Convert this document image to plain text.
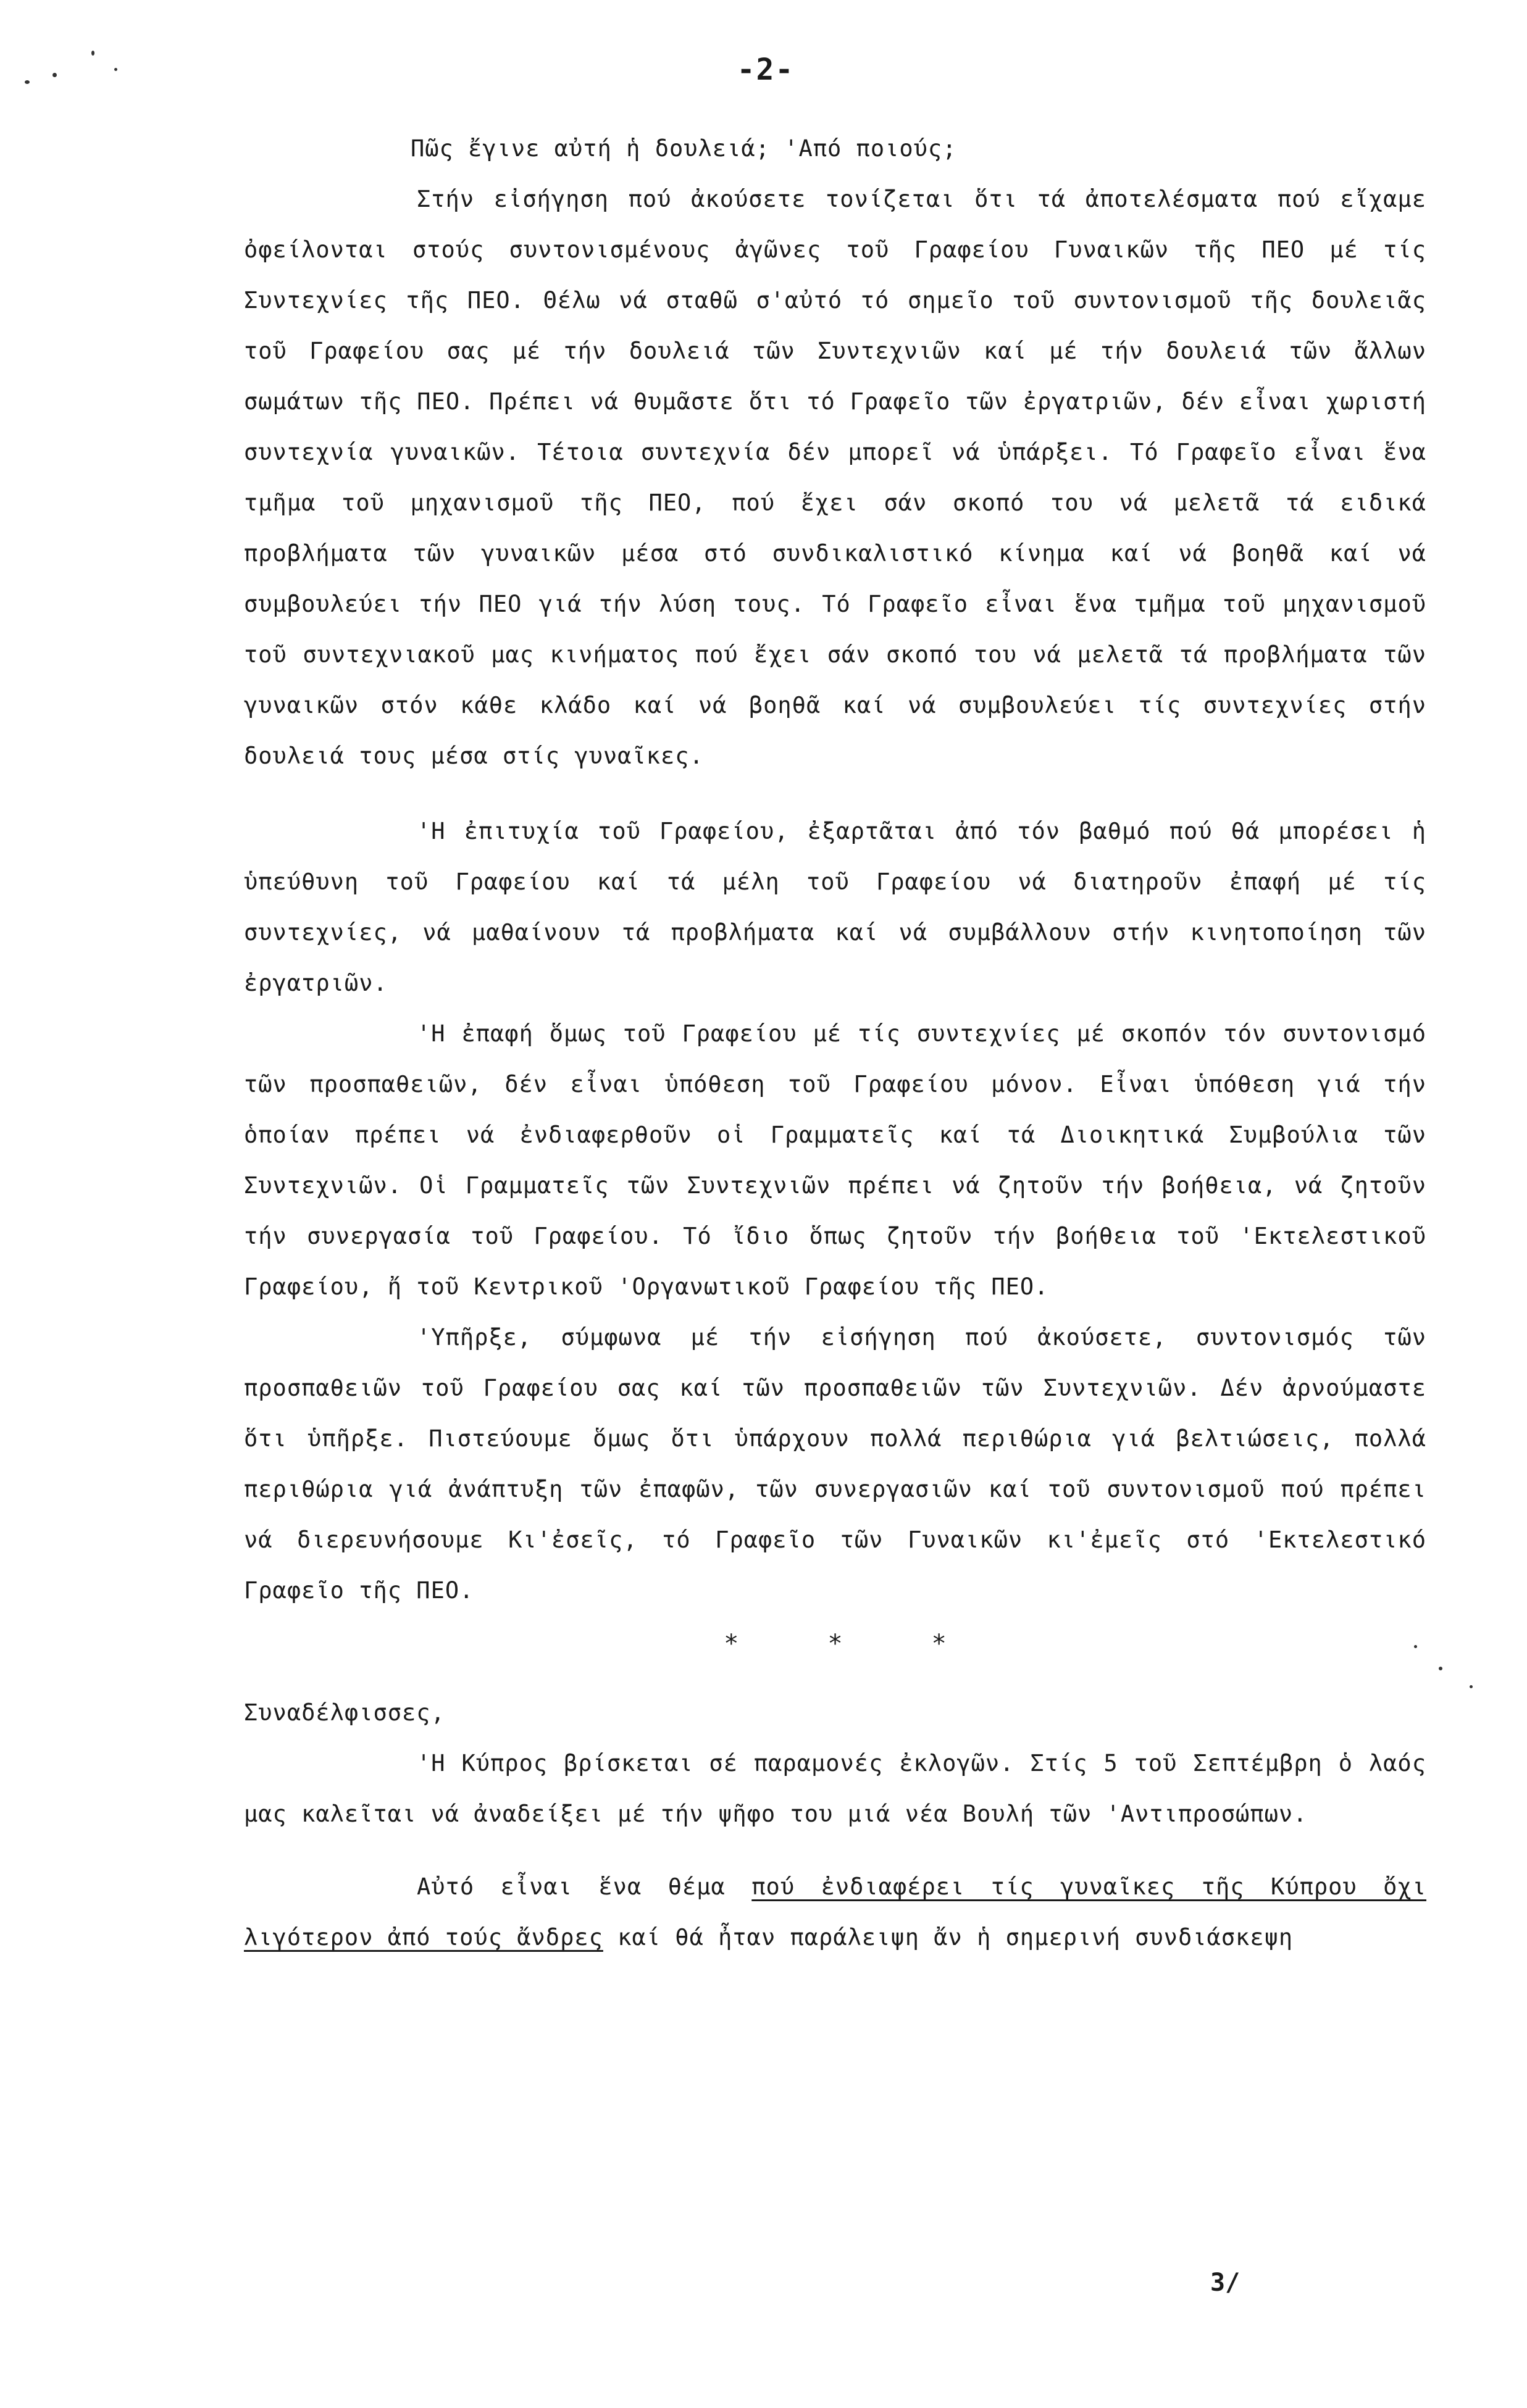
-2-

Πῶς ἔγινε αὐτή ἡ δουλειά; 'Από ποιούς;

Στήν εἰσήγηση πού ἀκούσετε τονίζεται ὅτι τά ἀποτελέσματα πού εἴχαμε ὀφείλονται στούς συντονισμένους ἀγῶνες τοῦ Γραφείου Γυναικῶν τῆς ΠΕΟ μέ τίς Συντεχνίες τῆς ΠΕΟ. Θέλω νά σταθῶ σ'αὐτό τό σημεῖο τοῦ συντονισμοῦ τῆς δουλειᾶς τοῦ Γραφείου σας μέ τήν δουλειά τῶν Συντεχνιῶν καί μέ τήν δουλειά τῶν ἄλλων σωμάτων τῆς ΠΕΟ. Πρέπει νά θυμᾶστε ὅτι τό Γραφεῖο τῶν ἐργατριῶν, δέν εἶναι χωριστή συντεχνία γυναικῶν. Τέτοια συντεχνία δέν μπορεῖ νά ὑπάρξει. Τό Γραφεῖο εἶναι ἕνα τμῆμα τοῦ μηχανισμοῦ τῆς ΠΕΟ, πού ἔχει σάν σκοπό του νά μελετᾶ τά ειδικά προβλήματα τῶν γυναικῶν μέσα στό συνδικαλιστικό κίνημα καί νά βοηθᾶ καί νά συμβουλεύει τήν ΠΕΟ γιά τήν λύση τους. Τό Γραφεῖο εἶναι ἕνα τμῆμα τοῦ μηχανισμοῦ τοῦ συντεχνιακοῦ μας κινήματος πού ἔχει σάν σκοπό του νά μελετᾶ τά προβλήματα τῶν γυναικῶν στόν κάθε κλάδο καί νά βοηθᾶ καί νά συμβουλεύει τίς συντεχνίες στήν δουλειά τους μέσα στίς γυναῖκες.

'Η ἐπιτυχία τοῦ Γραφείου, ἐξαρτᾶται ἀπό τόν βαθμό πού θά μπορέσει ἡ ὑπεύθυνη τοῦ Γραφείου καί τά μέλη τοῦ Γραφείου νά διατηροῦν ἐπαφή μέ τίς συντεχνίες, νά μαθαίνουν τά προβλήματα καί νά συμβάλλουν στήν κινητοποίηση τῶν ἐργατριῶν.

'Η ἐπαφή ὅμως τοῦ Γραφείου μέ τίς συντεχνίες μέ σκοπόν τόν συντονισμό τῶν προσπαθειῶν, δέν εἶναι ὑπόθεση τοῦ Γραφείου μόνον. Εἶναι ὑπόθεση γιά τήν ὁποίαν πρέπει νά ἐνδιαφερθοῦν οἱ Γραμματεῖς καί τά Διοικητικά Συμβούλια τῶν Συντεχνιῶν. Οἱ Γραμματεῖς τῶν Συντεχνιῶν πρέπει νά ζητοῦν τήν βοήθεια, νά ζητοῦν τήν συνεργασία τοῦ Γραφείου. Τό ἴδιο ὅπως ζητοῦν τήν βοήθεια τοῦ 'Εκτελεστικοῦ Γραφείου, ἤ τοῦ Κεντρικοῦ 'Οργανωτικοῦ Γραφείου τῆς ΠΕΟ.

'Υπῆρξε, σύμφωνα μέ τήν εἰσήγηση πού ἀκούσετε, συντονισμός τῶν προσπαθειῶν τοῦ Γραφείου σας καί τῶν προσπαθειῶν τῶν Συντεχνιῶν. Δέν ἀρνούμαστε ὅτι ὑπῆρξε. Πιστεύουμε ὅμως ὅτι ὑπάρχουν πολλά περιθώρια γιά βελτιώσεις, πολλά περιθώρια γιά ἀνάπτυξη τῶν ἐπαφῶν, τῶν συνεργασιῶν καί τοῦ συντονισμοῦ πού πρέπει νά διερευνήσουμε Κι'ἐσεῖς, τό Γραφεῖο τῶν Γυναικῶν κι'ἐμεῖς στό 'Εκτελεστικό Γραφεῖο τῆς ΠΕΟ.

* * *

Συναδέλφισσες,

'Η Κύπρος βρίσκεται σέ παραμονές ἐκλογῶν. Στίς 5 τοῦ Σεπτέμβρη ὁ λαός μας καλεῖται νά ἀναδείξει μέ τήν ψῆφο του μιά νέα Βουλή τῶν 'Αντιπροσώπων.

Αὐτό εἶναι ἕνα θέμα πού ἐνδιαφέρει τίς γυναῖκες τῆς Κύπρου ὄχι λιγότερον ἀπό τούς ἄνδρες καί θά ἦταν παράλειψη ἄν ἡ σημερινή συνδιάσκεψη

3/
